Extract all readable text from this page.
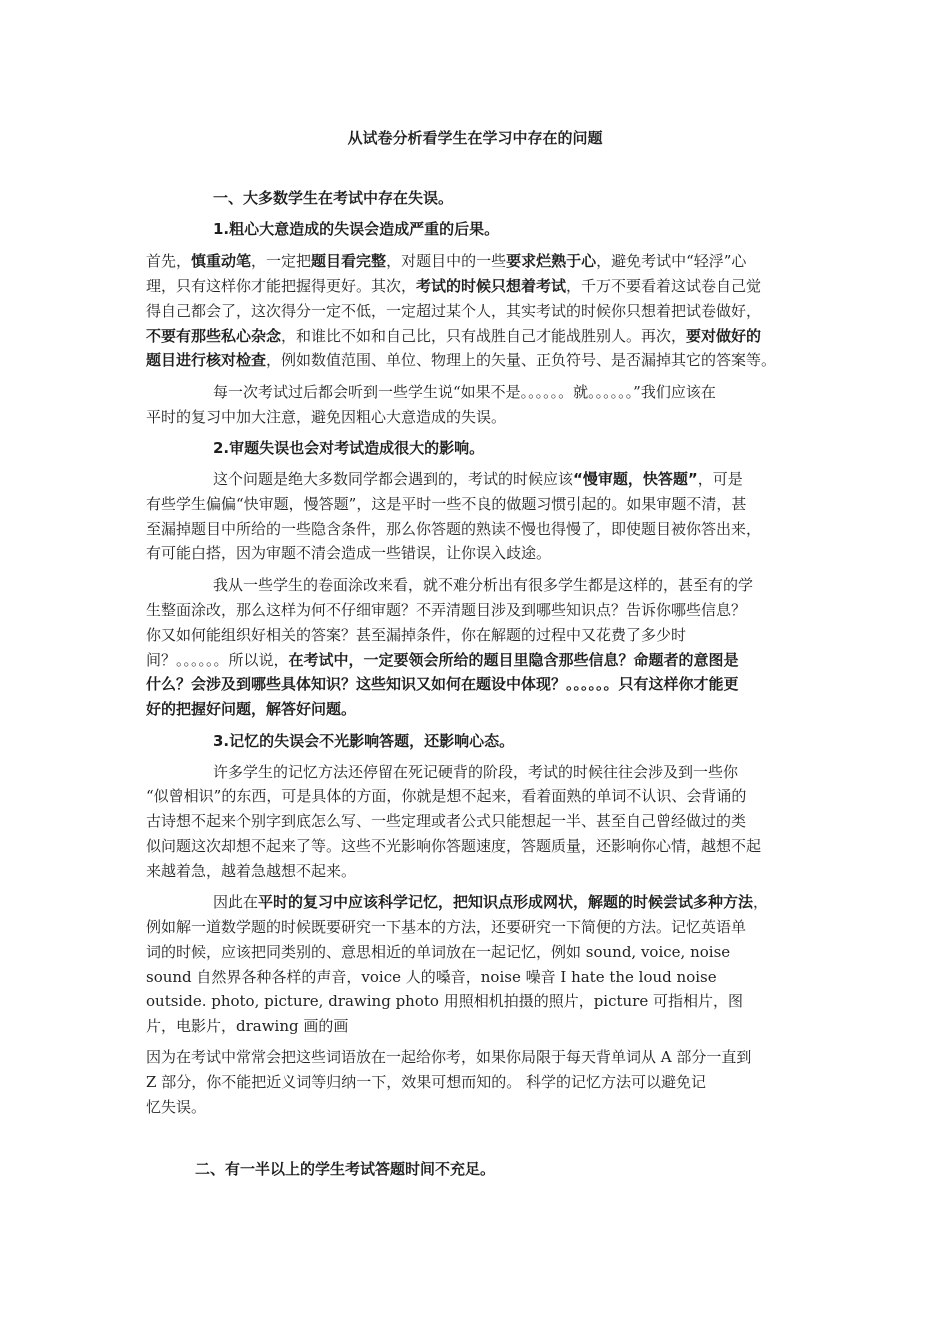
从试卷分析看学生在学习中存在的问题
一、大多数学生在考试中存在失误。
1.粗心大意造成的失误会造成严重的后果。
首先，慎重动笔，一定把题目看完整，对题目中的一些要求烂熟于心，避免考试中“轻浮”心
理，只有这样你才能把握得更好。其次，考试的时候只想着考试，千万不要看着这试卷自己觉
得自己都会了，这次得分一定不低，一定超过某个人，其实考试的时候你只想着把试卷做好，
不要有那些私心杂念，和谁比不如和自己比，只有战胜自己才能战胜别人。再次，要对做好的
题目进行核对检查，例如数值范围、单位、物理上的矢量、正负符号、是否漏掉其它的答案等。
每一次考试过后都会听到一些学生说“如果不是。。。。。。就。。。。。。”我们应该在
平时的复习中加大注意，避免因粗心大意造成的失误。
2.审题失误也会对考试造成很大的影响。
这个问题是绝大多数同学都会遇到的，考试的时候应该“慢审题，快答题”，可是
有些学生偏偏“快审题，慢答题”，这是平时一些不良的做题习惯引起的。如果审题不清，甚
至漏掉题目中所给的一些隐含条件，那么你答题的熟读不慢也得慢了，即使题目被你答出来，
有可能白搭，因为审题不清会造成一些错误，让你误入歧途。
我从一些学生的卷面涂改来看，就不难分析出有很多学生都是这样的，甚至有的学
生整面涂改，那么这样为何不仔细审题？不弄清题目涉及到哪些知识点？告诉你哪些信息？
你又如何能组织好相关的答案？甚至漏掉条件，你在解题的过程中又花费了多少时
间？。。。。。。所以说，在考试中，一定要领会所给的题目里隐含那些信息？命题者的意图是
什么？会涉及到哪些具体知识？这些知识又如何在题设中体现？。。。。。。只有这样你才能更
好的把握好问题，解答好问题。
3.记忆的失误会不光影响答题，还影响心态。
许多学生的记忆方法还停留在死记硬背的阶段，考试的时候往往会涉及到一些你
“似曾相识”的东西，可是具体的方面，你就是想不起来，看着面熟的单词不认识、会背诵的
古诗想不起来个别字到底怎么写、一些定理或者公式只能想起一半、甚至自己曾经做过的类
似问题这次却想不起来了等。这些不光影响你答题速度，答题质量，还影响你心情，越想不起
来越着急，越着急越想不起来。
因此在平时的复习中应该科学记忆，把知识点形成网状，解题的时候尝试多种方法，
例如解一道数学题的时候既要研究一下基本的方法，还要研究一下简便的方法。记忆英语单
词的时候，应该把同类别的、意思相近的单词放在一起记忆，例如 sound, voice, noise
sound 自然界各种各样的声音，voice 人的嗓音，noise 噪音 I hate the loud noise
outside. photo, picture, drawing photo 用照相机拍摄的照片，picture 可指相片，图
片，电影片，drawing 画的画
因为在考试中常常会把这些词语放在一起给你考，如果你局限于每天背单词从 A 部分一直到
Z 部分，你不能把近义词等归纳一下，效果可想而知的。 科学的记忆方法可以避免记
忆失误。
二、有一半以上的学生考试答题时间不充足。
